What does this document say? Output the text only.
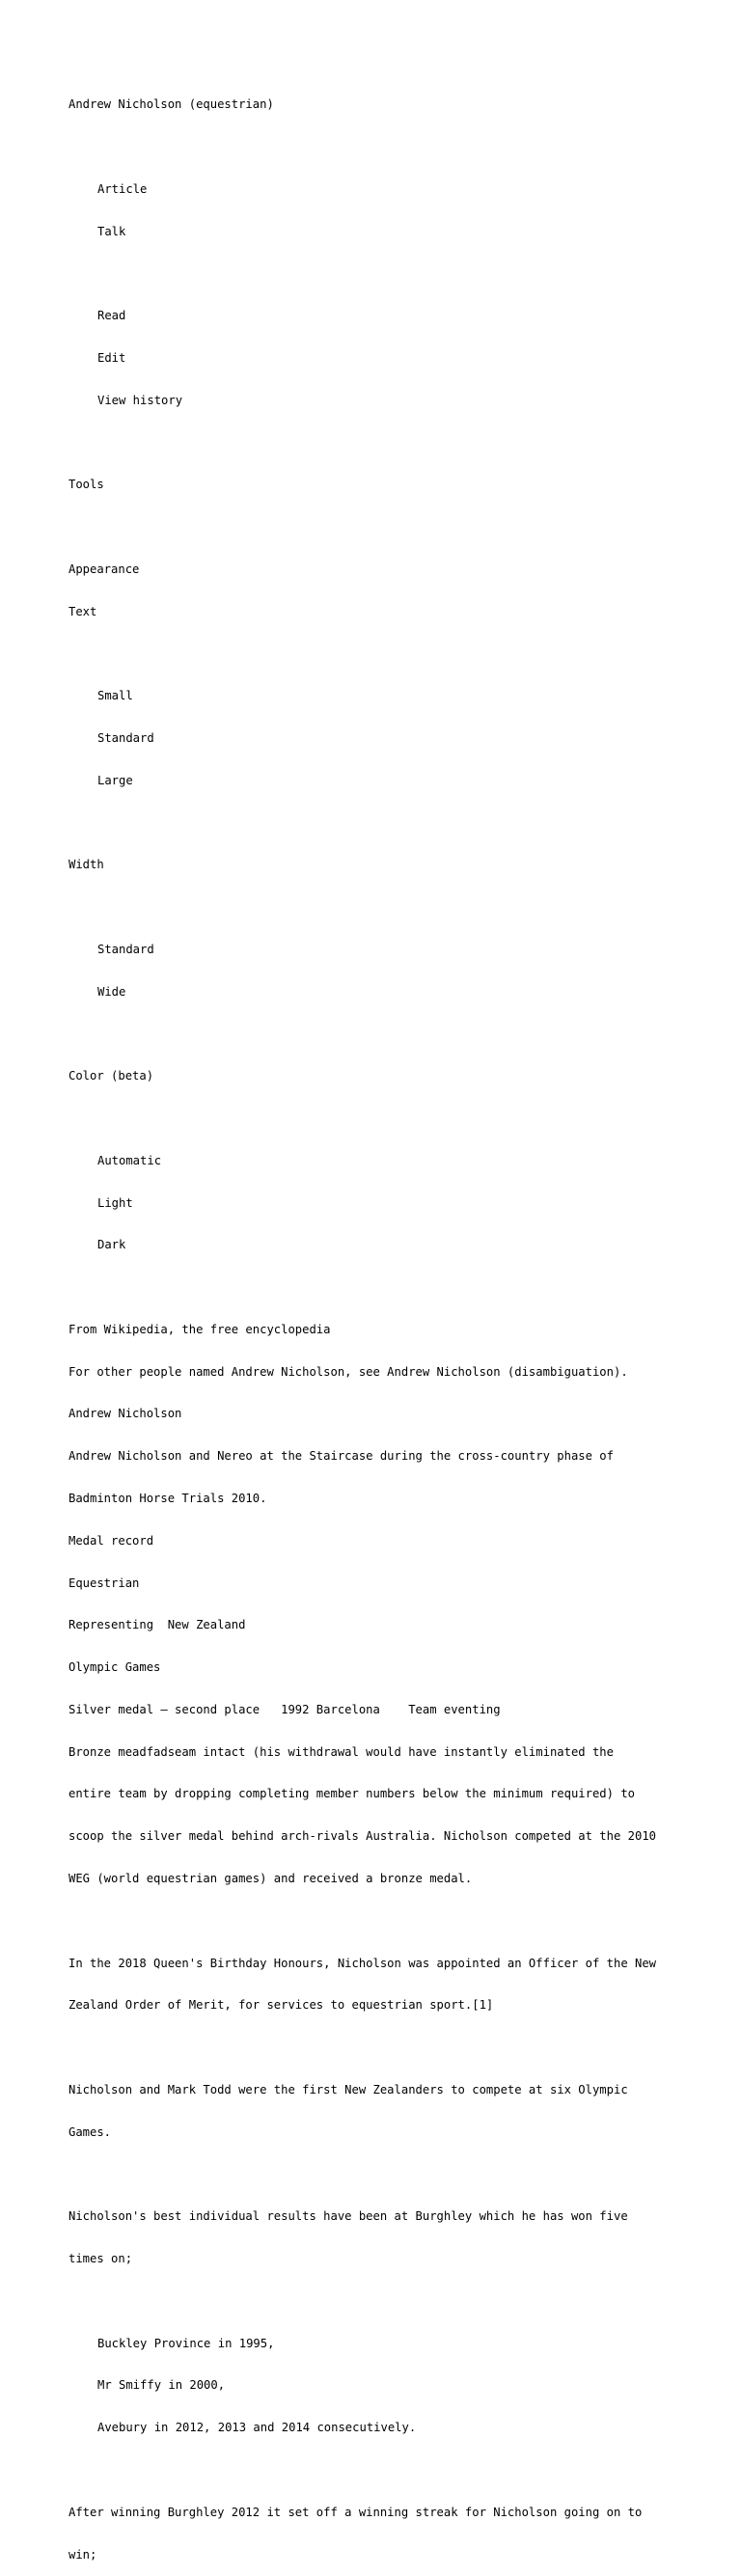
Andrew Nicholson (equestrian)

Article

Talk

Read

Edit

View history

Tools

Appearance

Text

Small

Standard

Large

Width

Standard

Wide

Color (beta)

Automatic

Light

Dark

From Wikipedia, the free encyclopedia

For other people named Andrew Nicholson, see Andrew Nicholson (disambiguation).

Andrew Nicholson

Andrew Nicholson and Nereo at the Staircase during the cross-country phase of

Badminton Horse Trials 2010.

Medal record

Equestrian

Representing  New Zealand

Olympic Games

Silver medal – second place   1992 Barcelona    Team eventing

Bronze meadfadseam intact (his withdrawal would have instantly eliminated the

entire team by dropping completing member numbers below the minimum required) to

scoop the silver medal behind arch-rivals Australia. Nicholson competed at the 2010

WEG (world equestrian games) and received a bronze medal.

In the 2018 Queen's Birthday Honours, Nicholson was appointed an Officer of the New

Zealand Order of Merit, for services to equestrian sport.[1]

Nicholson and Mark Todd were the first New Zealanders to compete at six Olympic

Games.

Nicholson's best individual results have been at Burghley which he has won five

times on;

Buckley Province in 1995,

Mr Smiffy in 2000,

Avebury in 2012, 2013 and 2014 consecutively.

After winning Burghley 2012 it set off a winning streak for Nicholson going on to

win;
